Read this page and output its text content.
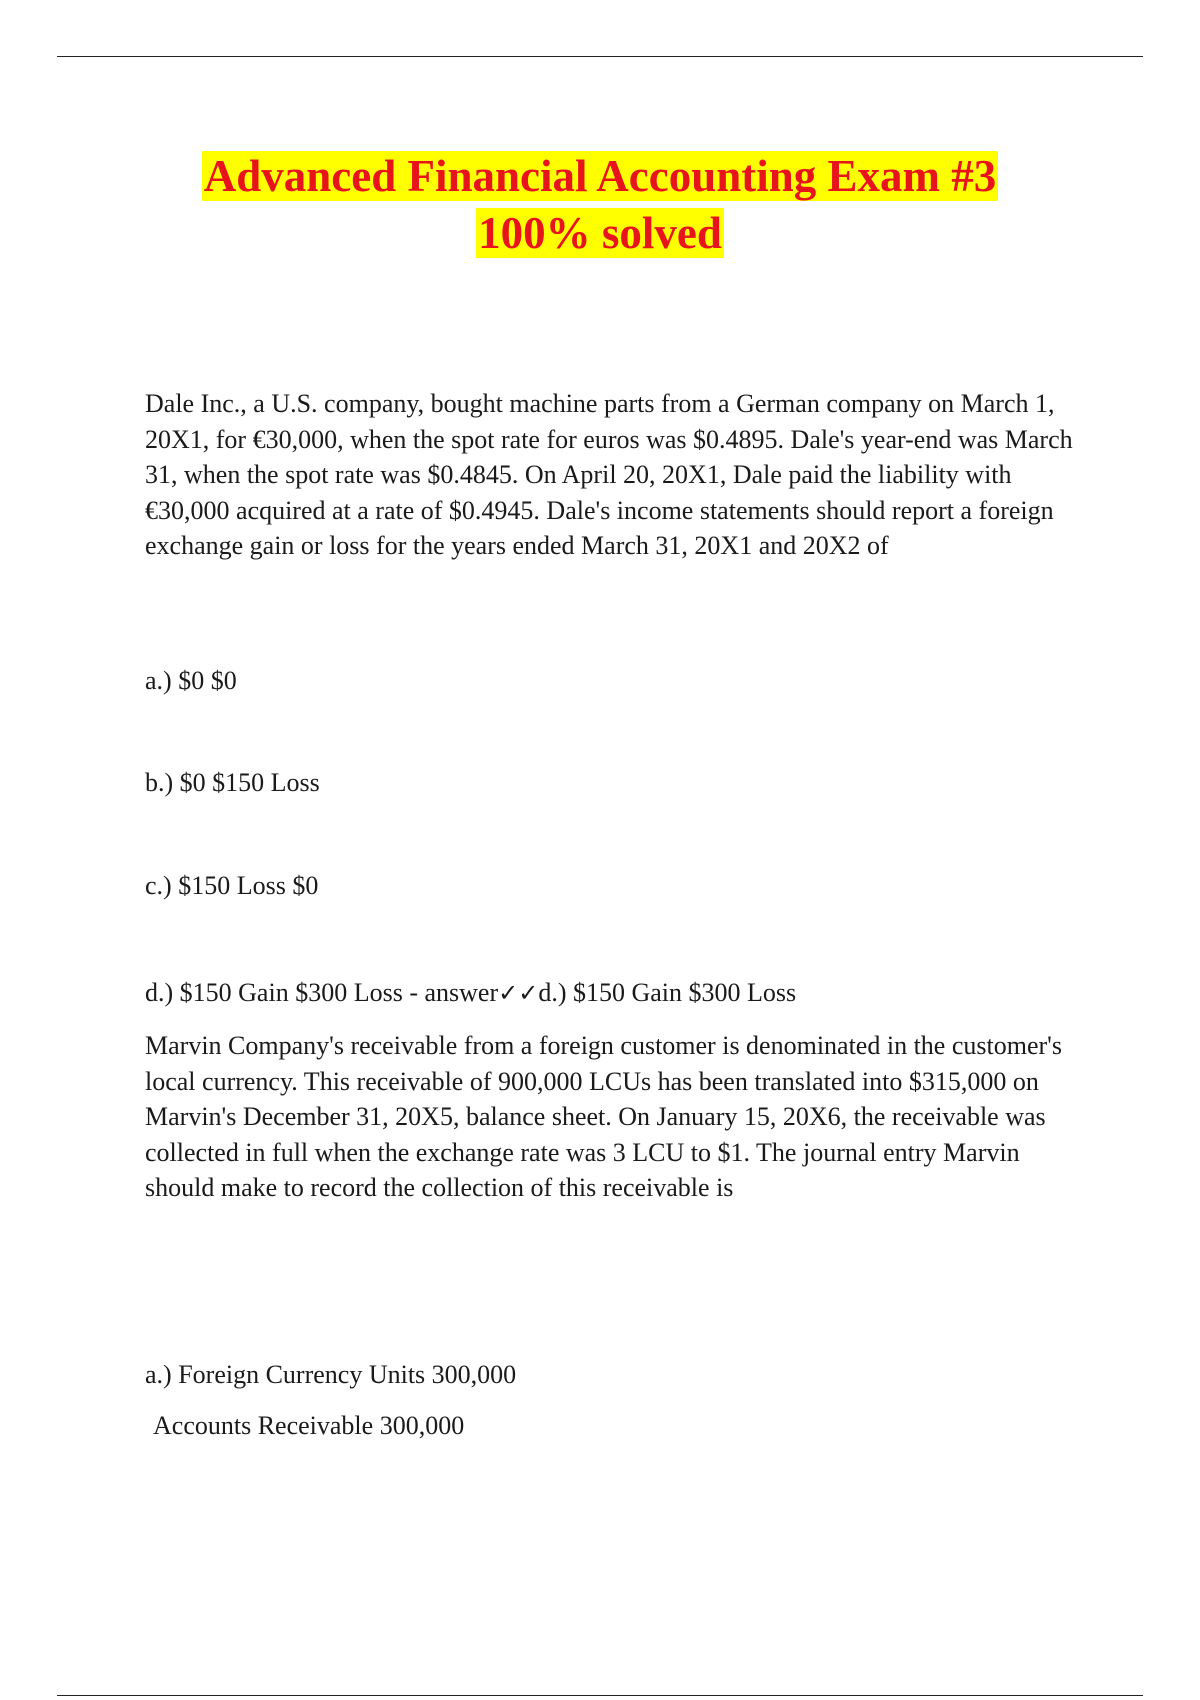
Advanced Financial Accounting Exam #3
100% solved

Dale Inc., a U.S. company, bought machine parts from a German company on March 1, 20X1, for €30,000, when the spot rate for euros was $0.4895. Dale's year-end was March 31, when the spot rate was $0.4845. On April 20, 20X1, Dale paid the liability with €30,000 acquired at a rate of $0.4945. Dale's income statements should report a foreign exchange gain or loss for the years ended March 31, 20X1 and 20X2 of

a.) $0 $0

b.) $0 $150 Loss

c.) $150 Loss $0

d.) $150 Gain $300 Loss - answer✓✓d.) $150 Gain $300 Loss

Marvin Company's receivable from a foreign customer is denominated in the customer's local currency. This receivable of 900,000 LCUs has been translated into $315,000 on Marvin's December 31, 20X5, balance sheet. On January 15, 20X6, the receivable was collected in full when the exchange rate was 3 LCU to $1. The journal entry Marvin should make to record the collection of this receivable is

a.) Foreign Currency Units 300,000

Accounts Receivable 300,000
